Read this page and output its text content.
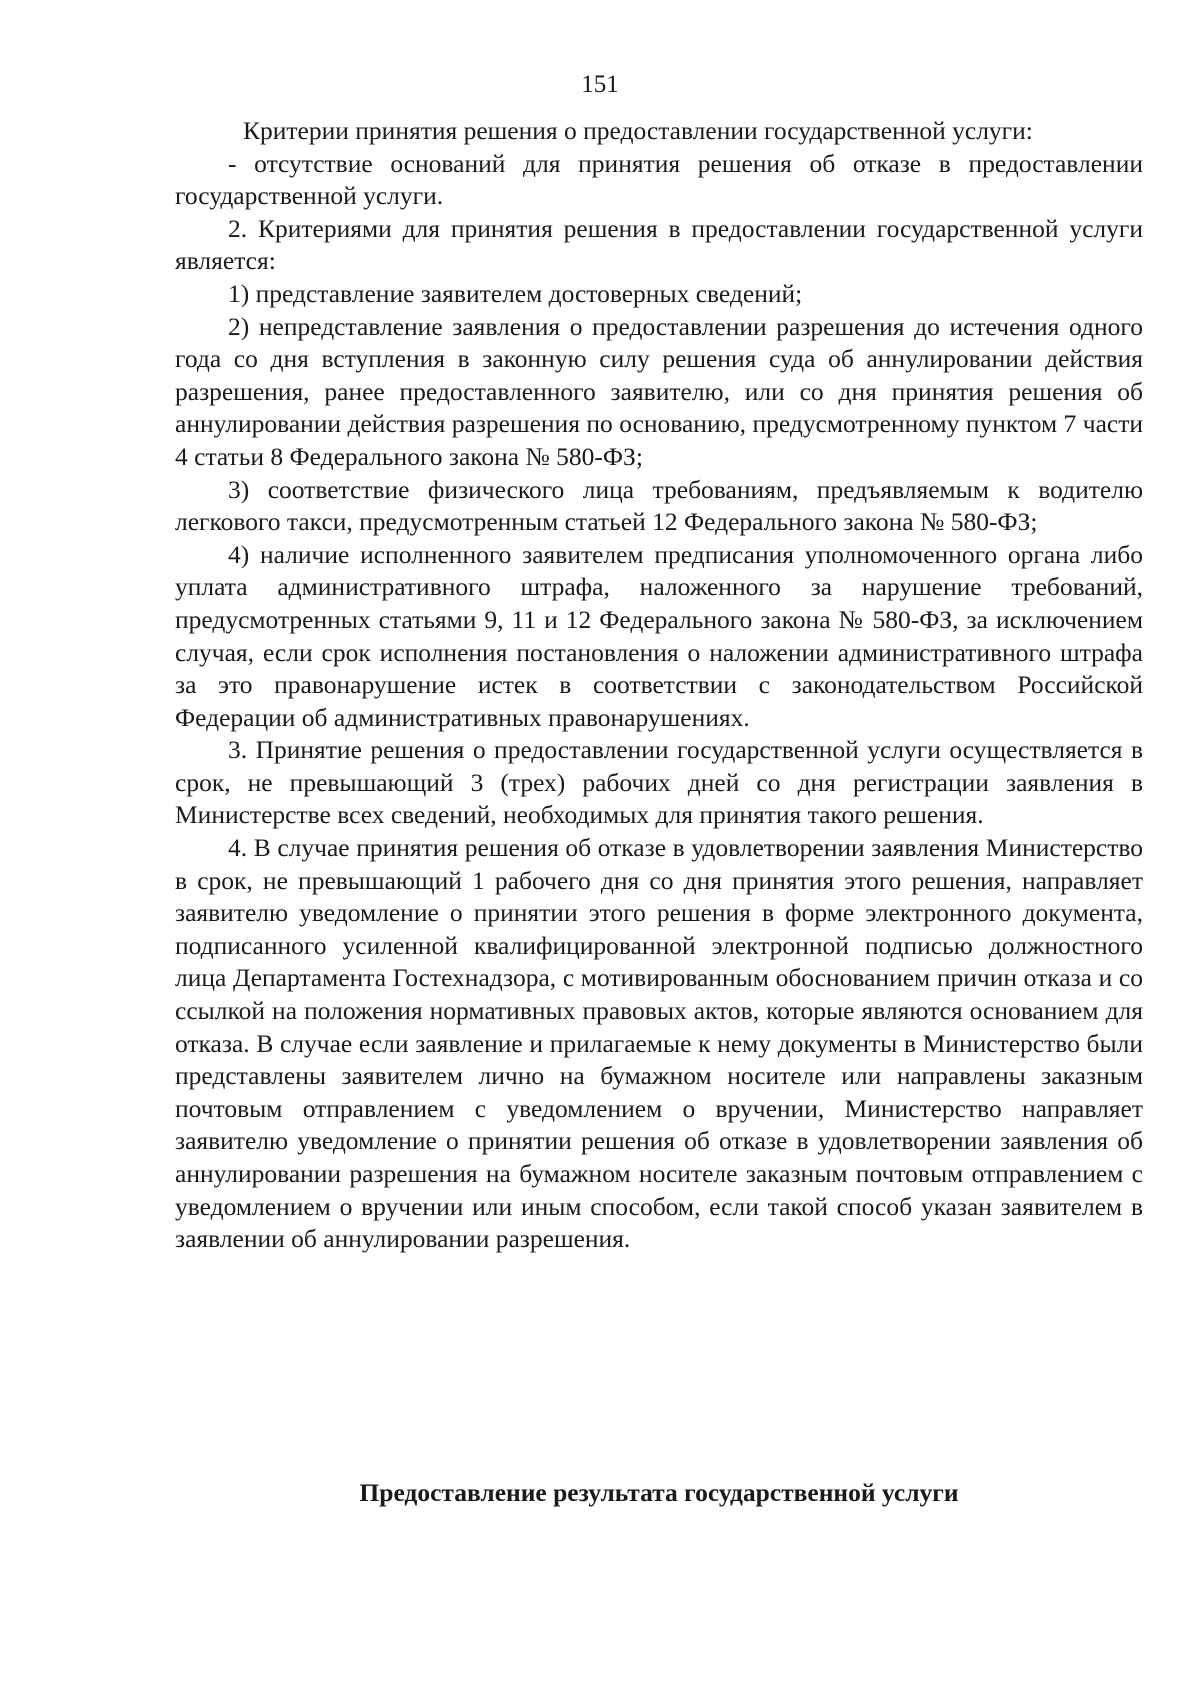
151

Критерии принятия решения о предоставлении государственной услуги:

- отсутствие оснований для принятия решения об отказе в предоставлении государственной услуги.

2. Критериями для принятия решения в предоставлении государственной услуги является:

1) представление заявителем достоверных сведений;

2) непредставление заявления о предоставлении разрешения до истечения одного года со дня вступления в законную силу решения суда об аннулировании действия разрешения, ранее предоставленного заявителю, или со дня принятия решения об аннулировании действия разрешения по основанию, предусмотренному пунктом 7 части 4 статьи 8 Федерального закона № 580-ФЗ;

3) соответствие физического лица требованиям, предъявляемым к водителю легкового такси, предусмотренным статьей 12 Федерального закона № 580-ФЗ;

4) наличие исполненного заявителем предписания уполномоченного органа либо уплата административного штрафа, наложенного за нарушение требований, предусмотренных статьями 9, 11 и 12 Федерального закона № 580-ФЗ, за исключением случая, если срок исполнения постановления о наложении административного штрафа за это правонарушение истек в соответствии с законодательством Российской Федерации об административных правонарушениях.

3. Принятие решения о предоставлении государственной услуги осуществляется в срок, не превышающий 3 (трех) рабочих дней со дня регистрации заявления в Министерстве всех сведений, необходимых для принятия такого решения.

4. В случае принятия решения об отказе в удовлетворении заявления Министерство в срок, не превышающий 1 рабочего дня со дня принятия этого решения, направляет заявителю уведомление о принятии этого решения в форме электронного документа, подписанного усиленной квалифицированной электронной подписью должностного лица Департамента Гостехнадзора, с мотивированным обоснованием причин отказа и со ссылкой на положения нормативных правовых актов, которые являются основанием для отказа. В случае если заявление и прилагаемые к нему документы в Министерство были представлены заявителем лично на бумажном носителе или направлены заказным почтовым отправлением с уведомлением о вручении, Министерство направляет заявителю уведомление о принятии решения об отказе в удовлетворении заявления об аннулировании разрешения на бумажном носителе заказным почтовым отправлением с уведомлением о вручении или иным способом, если такой способ указан заявителем в заявлении об аннулировании разрешения.

Предоставление результата государственной услуги
